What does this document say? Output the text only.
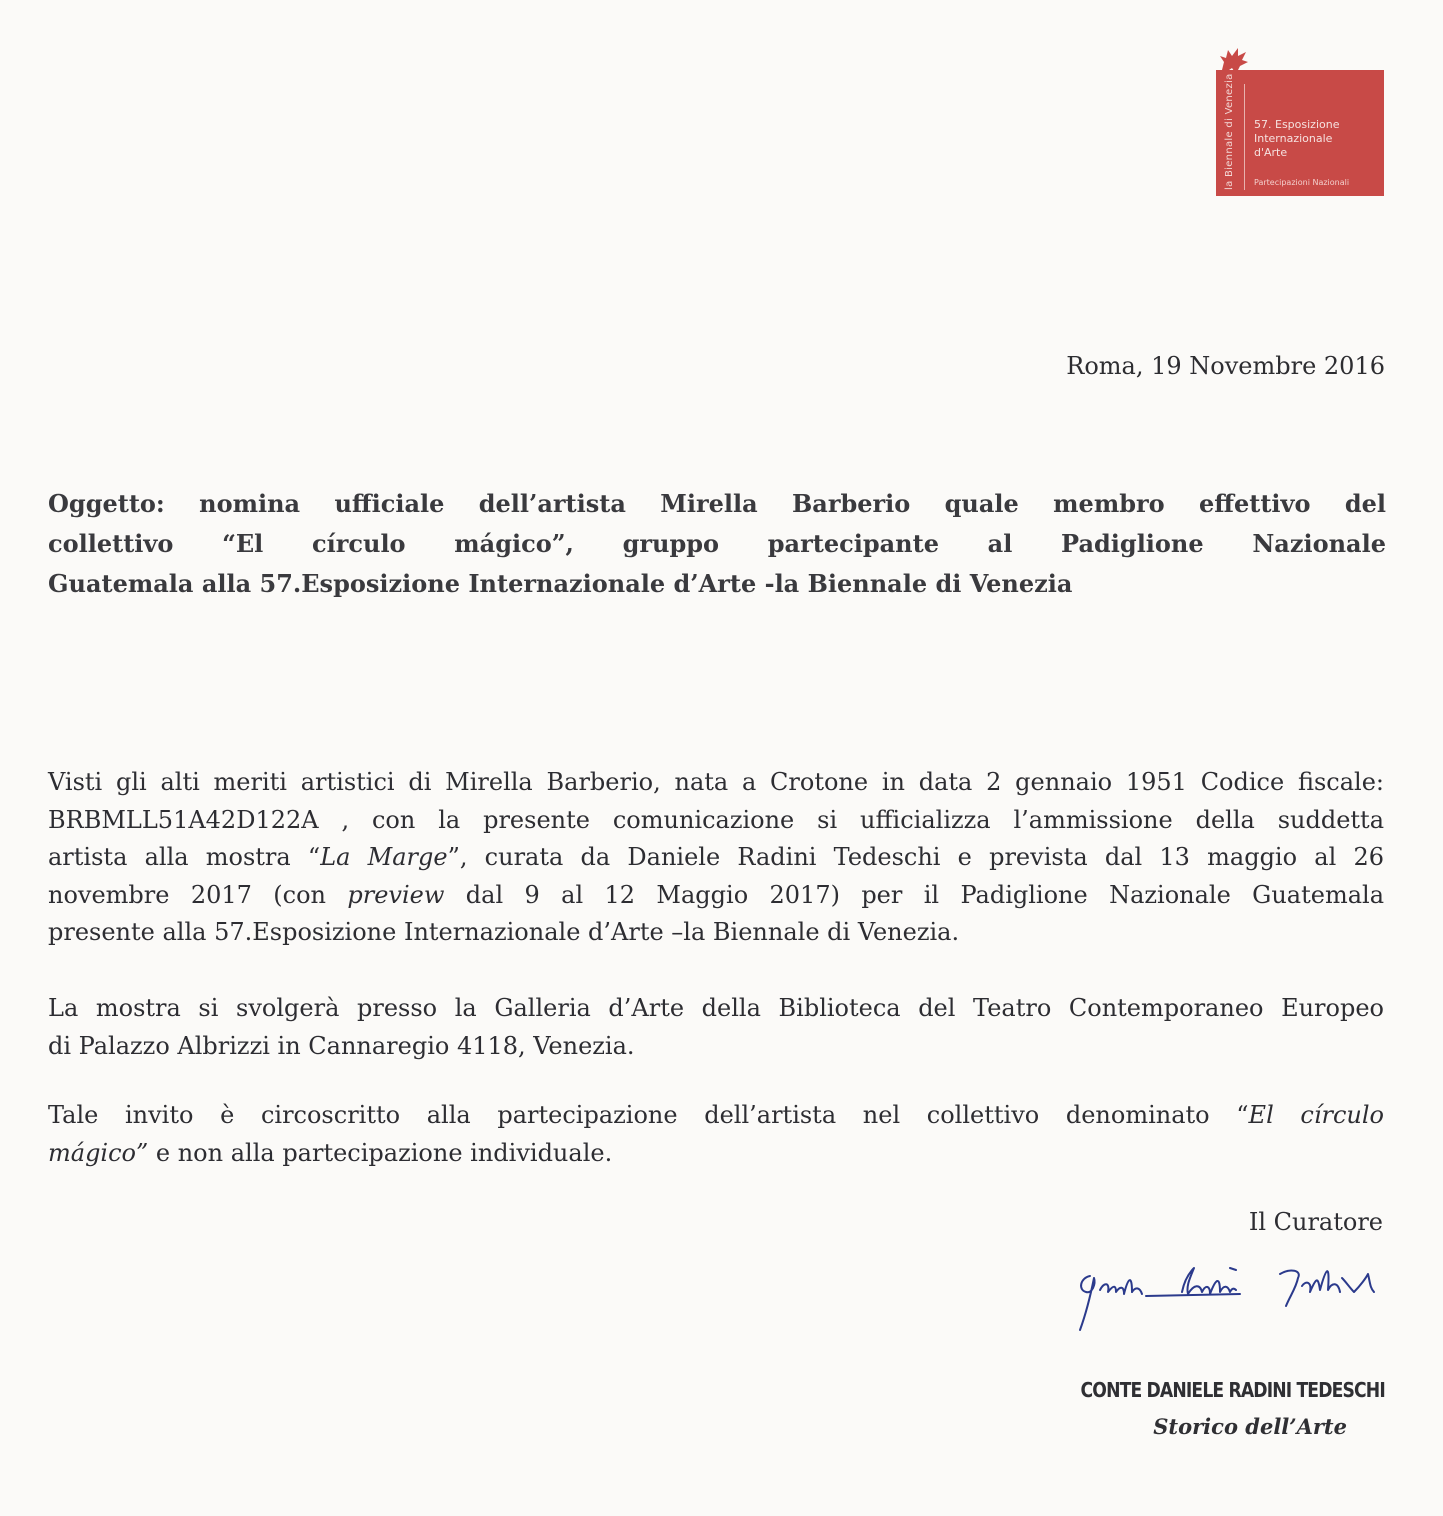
la Biennale di Venezia 57. Esposizione
Internazionale
d'Arte
Partecipazioni Nazionali
Roma, 19 Novembre 2016
Oggetto: nomina ufficiale dell’artista Mirella Barberio quale membro effettivo del
collettivo “El círculo mágico”, gruppo partecipante al Padiglione Nazionale
Guatemala alla 57.Esposizione Internazionale d’Arte -la Biennale di Venezia
Visti gli alti meriti artistici di Mirella Barberio, nata a Crotone in data 2 gennaio 1951 Codice fiscale:
BRBMLL51A42D122A , con la presente comunicazione si ufficializza l’ammissione della suddetta
artista alla mostra “La Marge”, curata da Daniele Radini Tedeschi e prevista dal 13 maggio al 26
novembre 2017 (con preview dal 9 al 12 Maggio 2017) per il Padiglione Nazionale Guatemala
presente alla 57.Esposizione Internazionale d’Arte –la Biennale di Venezia.
La mostra si svolgerà presso la Galleria d’Arte della Biblioteca del Teatro Contemporaneo Europeo
di Palazzo Albrizzi in Cannaregio 4118, Venezia.
Tale invito è circoscritto alla partecipazione dell’artista nel collettivo denominato “El círculo
mágico” e non alla partecipazione individuale.
Il Curatore
CONTE DANIELE RADINI TEDESCHI
Storico dell’Arte
